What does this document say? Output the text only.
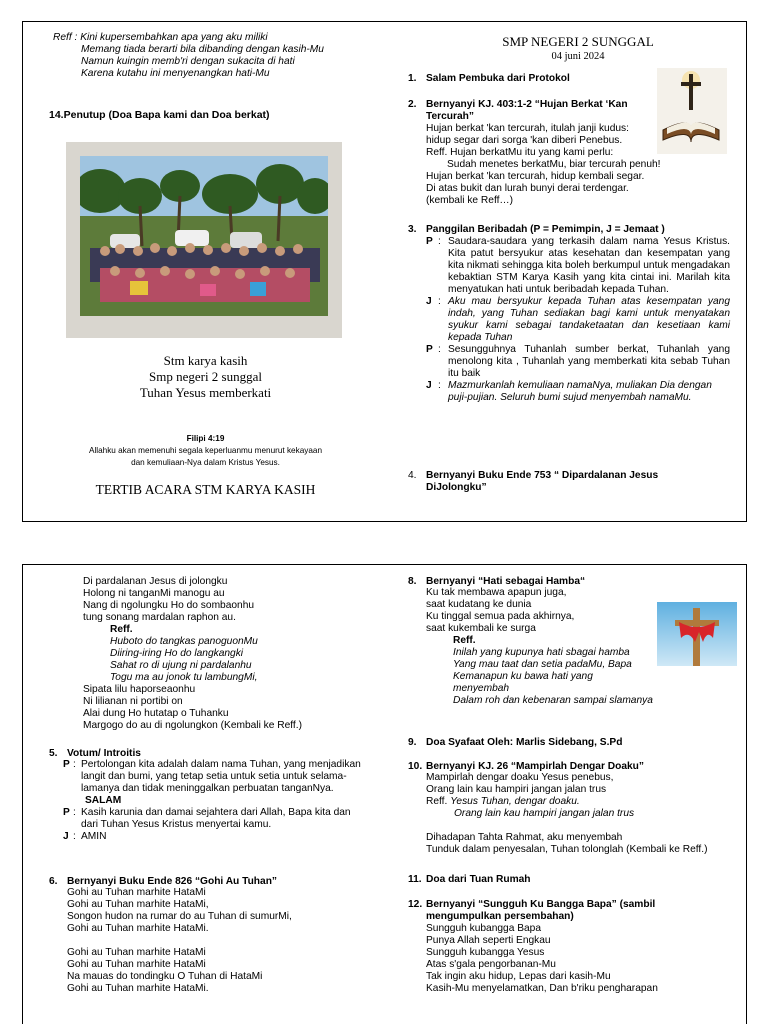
Reff : Kini kupersembahkan apa yang aku miliki
Memang tiada berarti bila dibanding dengan kasih-Mu
Namun kuingin memb'ri dengan sukacita di hati
Karena kutahu ini menyenangkan hati-Mu
14.Penutup (Doa Bapa kami dan Doa berkat)
Stm karya kasih
Smp negeri 2 sunggal
Tuhan Yesus memberkati
Filipi 4:19
Allahku akan memenuhi segala keperluanmu menurut kekayaan
dan kemuliaan-Nya dalam Kristus Yesus.
TERTIB ACARA STM KARYA KASIH
SMP NEGERI 2 SUNGGAL
04 juni 2024
1. Salam Pembuka dari Protokol
2. Bernyanyi KJ. 403:1-2 “Hujan Berkat ‘Kan
Tercurah”
Hujan berkat 'kan tercurah, itulah janji kudus:
hidup segar dari sorga 'kan diberi Penebus.
Reff. Hujan berkatMu itu yang kami perlu:
Sudah menetes berkatMu, biar tercurah penuh!
Hujan berkat 'kan tercurah, hidup kembali segar.
Di atas bukit dan lurah bunyi derai terdengar.
(kembali ke Reff…)
3. Panggilan Beribadah (P = Pemimpin, J = Jemaat )
P : Saudara-saudara yang terkasih dalam nama Yesus Kristus. Kita patut bersyukur atas kesehatan dan kesempatan yang kita nikmati sehingga kita boleh berkumpul untuk mengadakan kebaktian STM Karya Kasih yang kita cintai ini. Marilah kita menyatukan hati untuk beribadah kepada Tuhan.
J : Aku mau bersyukur kepada Tuhan atas kesempatan yang indah, yang Tuhan sediakan bagi kami untuk menyatakan syukur kami sebagai tandaketaatan dan kesetiaan kami kepada Tuhan
P : Sesungguhnya Tuhanlah sumber berkat, Tuhanlah yang menolong kita , Tuhanlah yang memberkati kita sebab Tuhan itu baik
J : Mazmurkanlah kemuliaan namaNya, muliakan Dia dengan puji-pujian. Seluruh bumi sujud menyembah namaMu.
4. Bernyanyi Buku Ende 753 “ Dipardalanan Jesus
DiJolongku”
Di pardalanan Jesus di jolongku
Holong ni tanganMi manogu au
Nang di ngolungku Ho do sombaonhu
tung sonang mardalan raphon au.
Reff.
Huboto do tangkas panoguonMu
Diiring-iring Ho do langkangki
Sahat ro di ujung ni pardalanhu
Togu ma au jonok tu lambungMi,
Sipata lilu haporseaonhu
Ni lilianan ni portibi on
Alai dung Ho hutatap o Tuhanku
Margogo do au di ngolungkon (Kembali ke Reff.)
5. Votum/ Introitis
P : Pertolongan kita adalah dalam nama Tuhan, yang menjadikan langit dan bumi, yang tetap setia untuk setia untuk selama-lamanya dan tidak meninggalkan perbuatan tanganNya.
SALAM
P : Kasih karunia dan damai sejahtera dari Allah, Bapa kita dan dari Tuhan Yesus Kristus menyertai kamu.
J : AMIN
6. Bernyanyi Buku Ende 826 “Gohi Au Tuhan”
Gohi au Tuhan marhite HataMi
Gohi au Tuhan marhite HataMi,
Songon hudon na rumar do au Tuhan di sumurMi,
Gohi au Tuhan marhite HataMi.
Gohi au Tuhan marhite HataMi
Gohi au Tuhan marhite HataMi
Na mauas do tondingku O Tuhan di HataMi
Gohi au Tuhan marhite HataMi.
8. Bernyanyi “Hati sebagai Hamba“
Ku tak membawa apapun juga,
saat kudatang ke dunia
Ku tinggal semua pada akhirnya,
saat kukembali ke surga
Reff.
Inilah yang kupunya hati sbagai hamba
Yang mau taat dan setia padaMu, Bapa
Kemanapun ku bawa hati yang
menyembah
Dalam roh dan kebenaran sampai slamanya
9. Doa Syafaat Oleh: Marlis Sidebang, S.Pd
10. Bernyanyi KJ. 26 “Mampirlah Dengar Doaku”
Mampirlah dengar doaku Yesus penebus,
Orang lain kau hampiri jangan jalan trus
Reff. Yesus Tuhan, dengar doaku.
Orang lain kau hampiri jangan jalan trus
Dihadapan Tahta Rahmat, aku menyembah
Tunduk dalam penyesalan, Tuhan tolonglah (Kembali ke Reff.)
11. Doa dari Tuan Rumah
12. Bernyanyi “Sungguh Ku Bangga Bapa” (sambil
mengumpulkan persembahan)
Sungguh kubangga Bapa
Punya Allah seperti Engkau
Sungguh kubangga Yesus
Atas s'gala pengorbanan-Mu
Tak ingin aku hidup, Lepas dari kasih-Mu
Kasih-Mu menyelamatkan, Dan b'riku pengharapan
